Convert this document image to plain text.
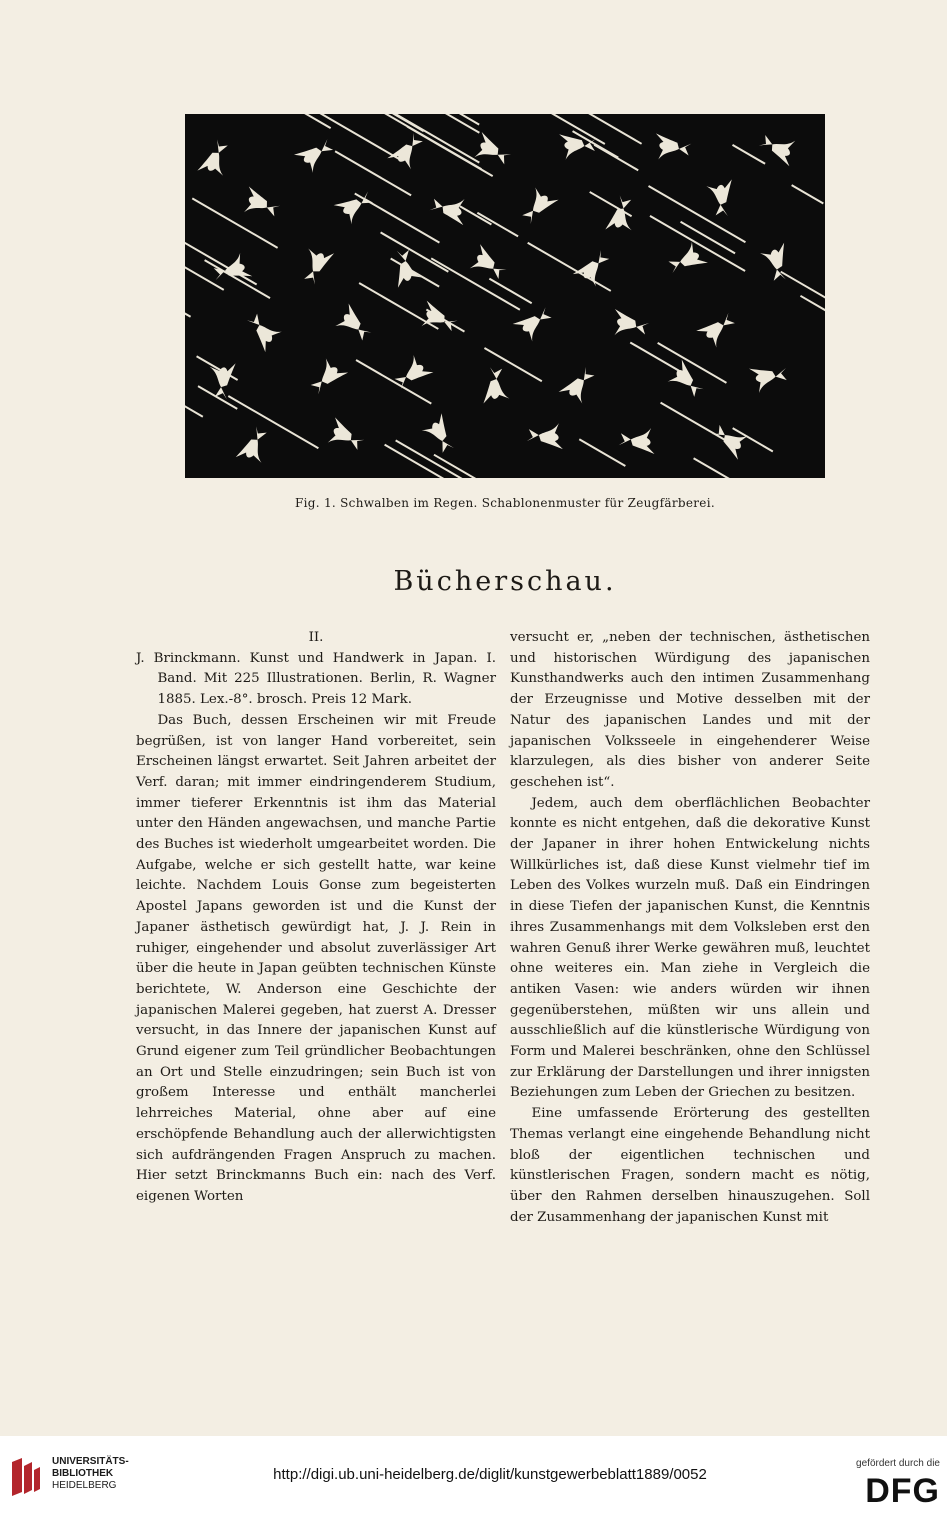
Fig. 1. Schwalben im Regen. Schablonenmuster für Zeugfärberei.
Bücherschau.

II.

J. Brinckmann. Kunst und Handwerk in Japan. I. Band. Mit 225 Illustrationen. Berlin, R. Wagner 1885. Lex.-8°. brosch. Preis 12 Mark.

Das Buch, dessen Erscheinen wir mit Freude begrüßen, ist von langer Hand vorbereitet, sein Erscheinen längst erwartet. Seit Jahren arbeitet der Verf. daran; mit immer eindringenderem Studium, immer tieferer Erkenntnis ist ihm das Material unter den Händen angewachsen, und manche Partie des Buches ist wiederholt umgearbeitet worden. Die Aufgabe, welche er sich gestellt hatte, war keine leichte. Nachdem Louis Gonse zum begeisterten Apostel Japans geworden ist und die Kunst der Japaner ästhetisch gewürdigt hat, J. J. Rein in ruhiger, eingehender und absolut zuverlässiger Art über die heute in Japan geübten technischen Künste berichtete, W. Anderson eine Geschichte der japanischen Malerei gegeben, hat zuerst A. Dresser versucht, in das Innere der japanischen Kunst auf Grund eigener zum Teil gründlicher Beobachtungen an Ort und Stelle einzudringen; sein Buch ist von großem Interesse und enthält mancherlei lehrreiches Material, ohne aber auf eine erschöpfende Behandlung auch der allerwichtigsten sich aufdrängenden Fragen Anspruch zu machen. Hier setzt Brinckmanns Buch ein: nach des Verf. eigenen Worten

versucht er, „neben der technischen, ästhetischen und historischen Würdigung des japanischen Kunsthandwerks auch den intimen Zusammenhang der Erzeugnisse und Motive desselben mit der Natur des japanischen Landes und mit der japanischen Volksseele in eingehenderer Weise klarzulegen, als dies bisher von anderer Seite geschehen ist“.

Jedem, auch dem oberflächlichen Beobachter konnte es nicht entgehen, daß die dekorative Kunst der Japaner in ihrer hohen Entwickelung nichts Willkürliches ist, daß diese Kunst vielmehr tief im Leben des Volkes wurzeln muß. Daß ein Eindringen in diese Tiefen der japanischen Kunst, die Kenntnis ihres Zusammenhangs mit dem Volksleben erst den wahren Genuß ihrer Werke gewähren muß, leuchtet ohne weiteres ein. Man ziehe in Vergleich die antiken Vasen: wie anders würden wir ihnen gegenüberstehen, müßten wir uns allein und ausschließlich auf die künstlerische Würdigung von Form und Malerei beschränken, ohne den Schlüssel zur Erklärung der Darstellungen und ihrer innigsten Beziehungen zum Leben der Griechen zu besitzen.

Eine umfassende Erörterung des gestellten Themas verlangt eine eingehende Behandlung nicht bloß der eigentlichen technischen und künstlerischen Fragen, sondern macht es nötig, über den Rahmen derselben hinauszugehen. Soll der Zusammenhang der japanischen Kunst mit

UNIVERSITÄTS-
BIBLIOTHEK
HEIDELBERG
http://digi.ub.uni-heidelberg.de/diglit/kunstgewerbeblatt1889/0052
gefördert durch die
DFG
